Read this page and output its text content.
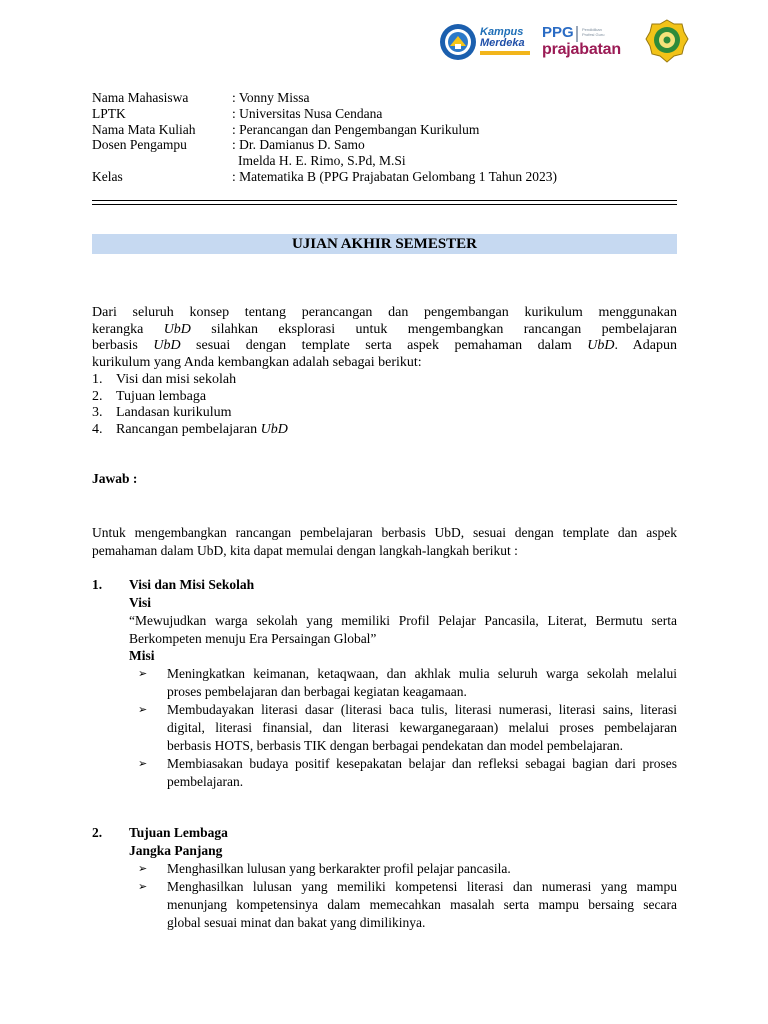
Kampus
Merdeka
PPG Pendidikan Profesi Guru
prajabatan
Nama Mahasiswa	: Vonny Missa
LPTK	: Universitas Nusa Cendana
Nama Mata Kuliah	: Perancangan dan Pengembangan Kurikulum
Dosen Pengampu	: Dr. Damianus D. Samo
Imelda H. E. Rimo, S.Pd, M.Si
Kelas	: Matematika B (PPG Prajabatan Gelombang 1 Tahun 2023)
UJIAN AKHIR SEMESTER
Dari seluruh konsep tentang perancangan dan pengembangan kurikulum menggunakan
kerangka UbD silahkan eksplorasi untuk mengembangkan rancangan pembelajaran
berbasis UbD sesuai dengan template serta aspek pemahaman dalam UbD. Adapun
kurikulum yang Anda kembangkan adalah sebagai berikut:
1. Visi dan misi sekolah
2. Tujuan lembaga
3. Landasan kurikulum
4. Rancangan pembelajaran UbD
Jawab :
Untuk mengembangkan rancangan pembelajaran berbasis UbD, sesuai dengan template dan aspek
pemahaman dalam UbD, kita dapat memulai dengan langkah-langkah berikut :
1. Visi dan Misi Sekolah
Visi
“Mewujudkan warga sekolah yang memiliki Profil Pelajar Pancasila, Literat, Bermutu serta
Berkompeten menuju Era Persaingan Global”
Misi
➢ Meningkatkan keimanan, ketaqwaan, dan akhlak mulia seluruh warga sekolah melalui
proses pembelajaran dan berbagai kegiatan keagamaan.
➢ Membudayakan literasi dasar (literasi baca tulis, literasi numerasi, literasi sains, literasi
digital, literasi finansial, dan literasi kewarganegaraan) melalui proses pembelajaran
berbasis HOTS, berbasis TIK dengan berbagai pendekatan dan model pembelajaran.
➢ Membiasakan budaya positif kesepakatan belajar dan refleksi sebagai bagian dari proses
pembelajaran.
2. Tujuan Lembaga
Jangka Panjang
➢ Menghasilkan lulusan yang berkarakter profil pelajar pancasila.
➢ Menghasilkan lulusan yang memiliki kompetensi literasi dan numerasi yang mampu
menunjang kompetensinya dalam memecahkan masalah serta mampu bersaing secara
global sesuai minat dan bakat yang dimilikinya.
